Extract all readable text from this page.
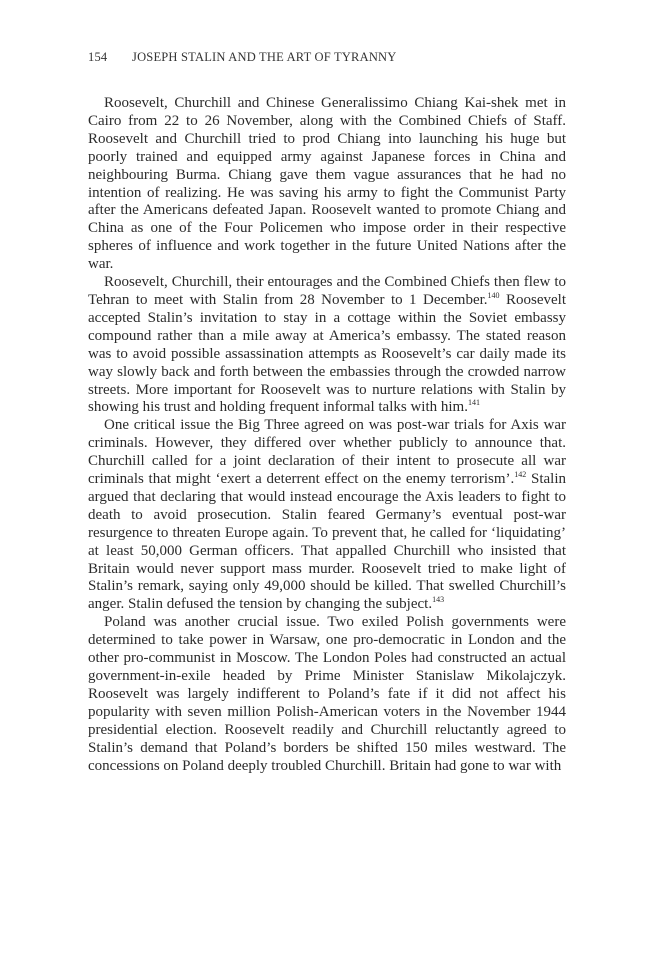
154 JOSEPH STALIN AND THE ART OF TYRANNY

Roosevelt, Churchill and Chinese Generalissimo Chiang Kai-shek met in Cairo from 22 to 26 November, along with the Combined Chiefs of Staff. Roosevelt and Churchill tried to prod Chiang into launching his huge but poorly trained and equipped army against Japanese forces in China and neighbouring Burma. Chiang gave them vague assurances that he had no intention of realizing. He was saving his army to fight the Communist Party after the Americans defeated Japan. Roosevelt wanted to promote Chiang and China as one of the Four Policemen who impose order in their respective spheres of influence and work together in the future United Nations after the war.

Roosevelt, Churchill, their entourages and the Combined Chiefs then flew to Tehran to meet with Stalin from 28 November to 1 December.$^{140}$ Roosevelt accepted Stalin’s invitation to stay in a cottage within the Soviet embassy compound rather than a mile away at America’s embassy. The stated reason was to avoid possible assassination attempts as Roosevelt’s car daily made its way slowly back and forth between the embassies through the crowded narrow streets. More important for Roosevelt was to nurture relations with Stalin by showing his trust and holding frequent informal talks with him.$^{141}$

One critical issue the Big Three agreed on was post-war trials for Axis war criminals. However, they differed over whether publicly to announce that. Churchill called for a joint declaration of their intent to prosecute all war criminals that might ‘exert a deterrent effect on the enemy terrorism’.$^{142}$ Stalin argued that declaring that would instead encourage the Axis leaders to fight to death to avoid prosecution. Stalin feared Germany’s eventual post-war resurgence to threaten Europe again. To prevent that, he called for ‘liquidating’ at least 50,000 German officers. That appalled Churchill who insisted that Britain would never support mass murder. Roosevelt tried to make light of Stalin’s remark, saying only 49,000 should be killed. That swelled Churchill’s anger. Stalin defused the tension by changing the subject.$^{143}$

Poland was another crucial issue. Two exiled Polish governments were determined to take power in Warsaw, one pro-democratic in London and the other pro-communist in Moscow. The London Poles had constructed an actual government-in-exile headed by Prime Minister Stanislaw Mikolajczyk. Roosevelt was largely indifferent to Poland’s fate if it did not affect his popularity with seven million Polish-American voters in the November 1944 presidential election. Roosevelt readily and Churchill reluctantly agreed to Stalin’s demand that Poland’s borders be shifted 150 miles westward. The concessions on Poland deeply troubled Churchill. Britain had gone to war with
